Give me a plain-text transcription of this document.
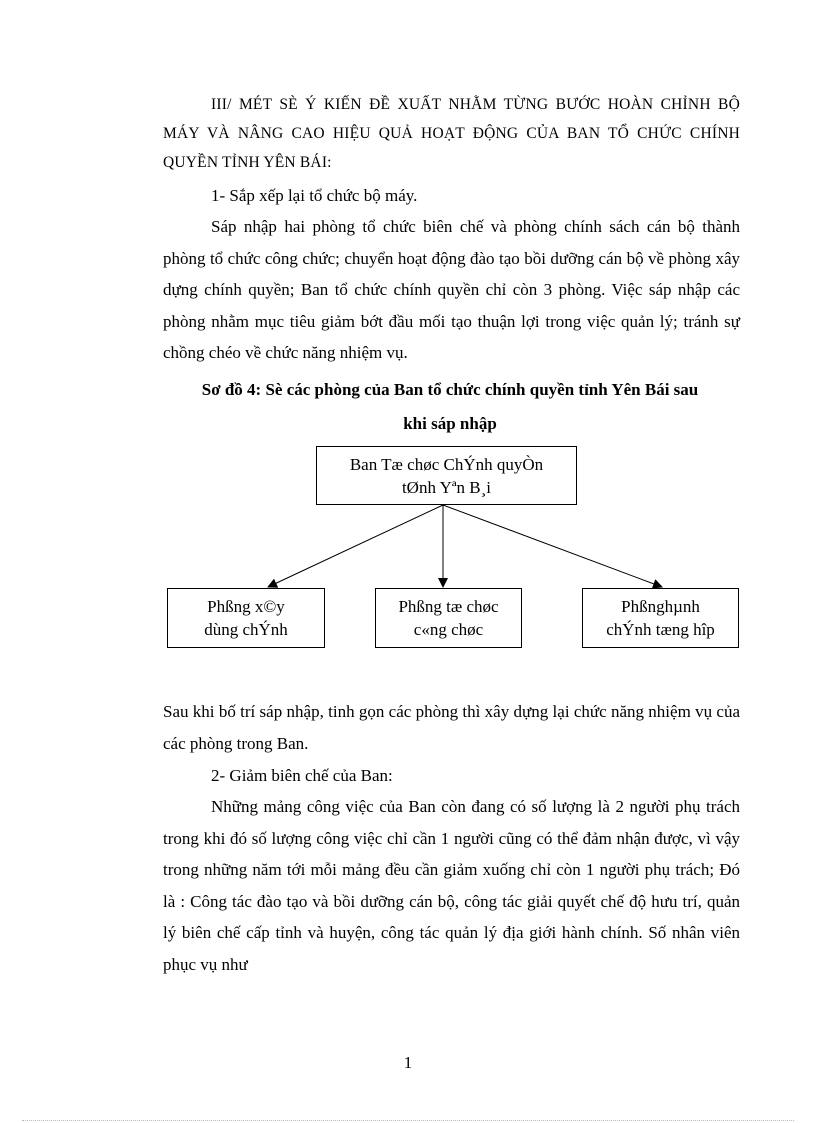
III/ MÉT SÈ Ý KIẾN ĐỀ XUẤT NHẰM TỪNG BƯỚC HOÀN CHỈNH BỘ MÁY VÀ NÂNG CAO HIỆU QUẢ HOẠT ĐỘNG CỦA BAN TỔ CHỨC CHÍNH QUYỀN TỈNH YÊN BÁI:

1- Sắp xếp lại tổ chức bộ máy.

Sáp nhập hai phòng tổ chức biên chế và phòng chính sách cán bộ thành phòng tổ chức công chức; chuyển hoạt động đào tạo bồi dưỡng cán bộ về phòng xây dựng chính quyền; Ban tổ chức chính quyền chỉ còn 3 phòng. Việc sáp nhập các phòng nhằm mục tiêu giảm bớt đầu mối tạo thuận lợi trong việc quản lý; tránh sự chồng chéo về chức năng nhiệm vụ.

Sơ đồ 4: Sè các phòng của Ban tổ chức chính quyền tỉnh Yên Bái sau
khi sáp nhập

Ban Tæ chøc ChÝnh quyÒn
tØnh Yªn B¸i
Phßng x©y
dùng chÝnh
Phßng tæ chøc
c«ng chøc
Phßnghµnh
chÝnh tæng hîp

Sau khi bố trí sáp nhập, tinh gọn các phòng thì xây dựng lại chức năng nhiệm vụ của các phòng trong Ban.

2- Giảm biên chế của Ban:

Những mảng công việc của Ban còn đang có số lượng là 2 người phụ trách trong khi đó số lượng công việc chỉ cần 1 người cũng có thể đảm nhận được, vì vậy trong những năm tới mỗi mảng đều cần giảm xuống chỉ còn 1 người phụ trách; Đó là : Công tác đào tạo và bồi dưỡng cán bộ, công tác giải quyết chế độ hưu trí, quản lý biên chế cấp tỉnh và huyện, công tác quản lý địa giới hành chính. Số nhân viên phục vụ như

1
